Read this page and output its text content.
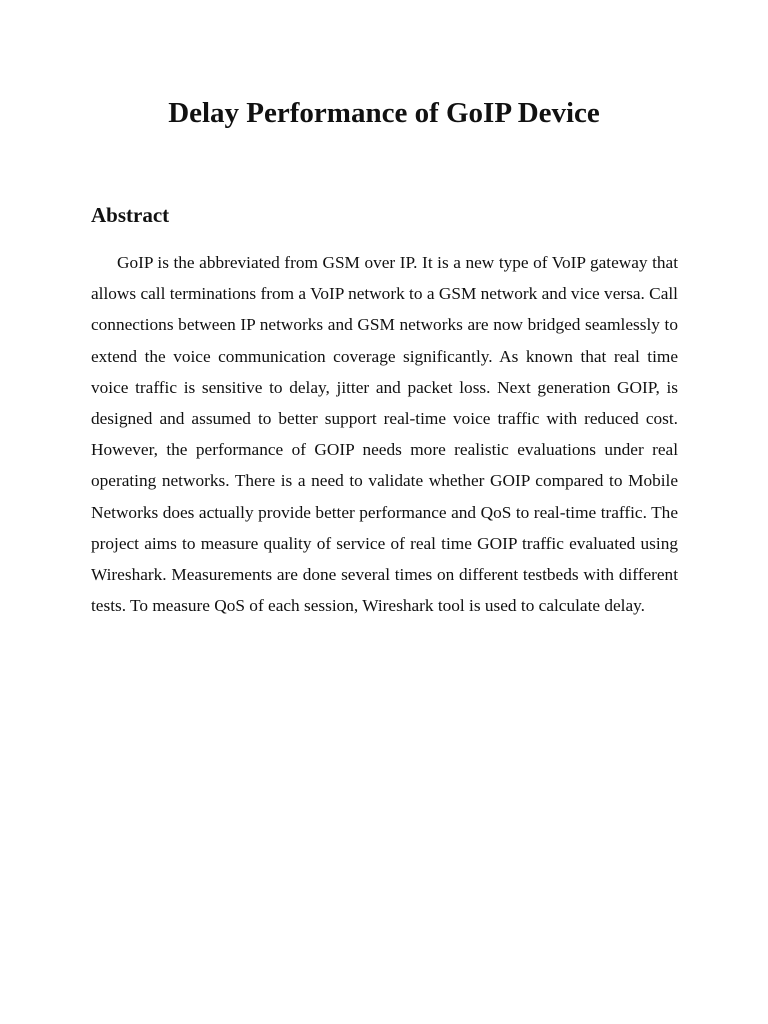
Delay Performance of GoIP Device
Abstract

GoIP is the abbreviated from GSM over IP. It is a new type of VoIP gateway that allows call terminations from a VoIP network to a GSM network and vice versa. Call connections between IP networks and GSM networks are now bridged seamlessly to extend the voice communication coverage significantly. As known that real time voice traffic is sensitive to delay, jitter and packet loss. Next generation GOIP, is designed and assumed to better support real-time voice traffic with reduced cost. However, the performance of GOIP needs more realistic evaluations under real operating networks. There is a need to validate whether GOIP compared to Mobile Networks does actually provide better performance and QoS to real-time traffic. The project aims to measure quality of service of real time GOIP traffic evaluated using Wireshark. Measurements are done several times on different testbeds with different tests. To measure QoS of each session, Wireshark tool is used to calculate delay.
